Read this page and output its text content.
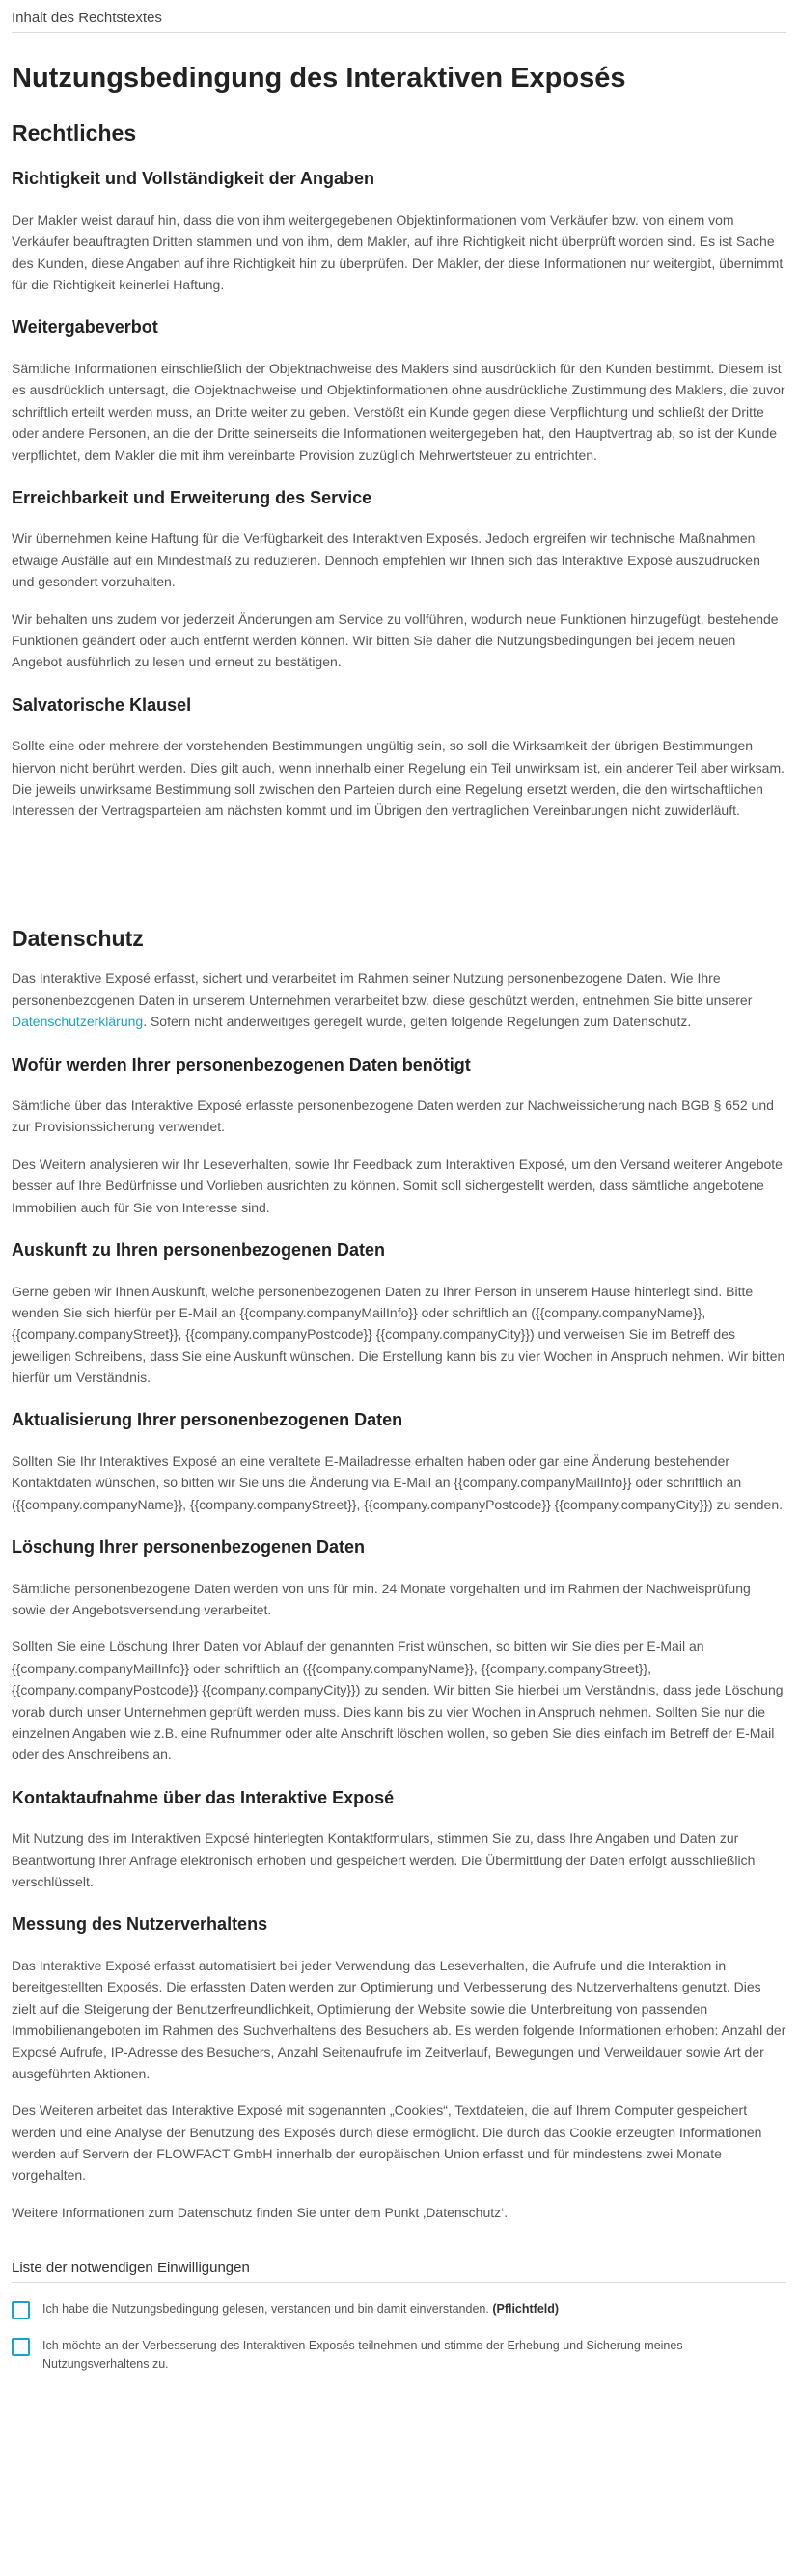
Inhalt des Rechtstextes
Nutzungsbedingung des Interaktiven Exposés
Rechtliches
Richtigkeit und Vollständigkeit der Angaben

Der Makler weist darauf hin, dass die von ihm weitergegebenen Objektinformationen vom Verkäufer bzw. von einem vom Verkäufer beauftragten Dritten stammen und von ihm, dem Makler, auf ihre Richtigkeit nicht überprüft worden sind. Es ist Sache des Kunden, diese Angaben auf ihre Richtigkeit hin zu überprüfen. Der Makler, der diese Informationen nur weitergibt, übernimmt für die Richtigkeit keinerlei Haftung.

Weitergabeverbot

Sämtliche Informationen einschließlich der Objektnachweise des Maklers sind ausdrücklich für den Kunden bestimmt. Diesem ist es ausdrücklich untersagt, die Objektnachweise und Objektinformationen ohne ausdrückliche Zustimmung des Maklers, die zuvor schriftlich erteilt werden muss, an Dritte weiter zu geben. Verstößt ein Kunde gegen diese Verpflichtung und schließt der Dritte oder andere Personen, an die der Dritte seinerseits die Informationen weitergegeben hat, den Hauptvertrag ab, so ist der Kunde verpflichtet, dem Makler die mit ihm vereinbarte Provision zuzüglich Mehrwertsteuer zu entrichten.

Erreichbarkeit und Erweiterung des Service

Wir übernehmen keine Haftung für die Verfügbarkeit des Interaktiven Exposés. Jedoch ergreifen wir technische Maßnahmen etwaige Ausfälle auf ein Mindestmaß zu reduzieren. Dennoch empfehlen wir Ihnen sich das Interaktive Exposé auszudrucken und gesondert vorzuhalten.

Wir behalten uns zudem vor jederzeit Änderungen am Service zu vollführen, wodurch neue Funktionen hinzugefügt, bestehende Funktionen geändert oder auch entfernt werden können. Wir bitten Sie daher die Nutzungsbedingungen bei jedem neuen Angebot ausführlich zu lesen und erneut zu bestätigen.

Salvatorische Klausel

Sollte eine oder mehrere der vorstehenden Bestimmungen ungültig sein, so soll die Wirksamkeit der übrigen Bestimmungen hiervon nicht berührt werden. Dies gilt auch, wenn innerhalb einer Regelung ein Teil unwirksam ist, ein anderer Teil aber wirksam. Die jeweils unwirksame Bestimmung soll zwischen den Parteien durch eine Regelung ersetzt werden, die den wirtschaftlichen Interessen der Vertragsparteien am nächsten kommt und im Übrigen den vertraglichen Vereinbarungen nicht zuwiderläuft.

Datenschutz

Das Interaktive Exposé erfasst, sichert und verarbeitet im Rahmen seiner Nutzung personenbezogene Daten. Wie Ihre personenbezogenen Daten in unserem Unternehmen verarbeitet bzw. diese geschützt werden, entnehmen Sie bitte unserer Datenschutzerklärung. Sofern nicht anderweitiges geregelt wurde, gelten folgende Regelungen zum Datenschutz.

Wofür werden Ihrer personenbezogenen Daten benötigt

Sämtliche über das Interaktive Exposé erfasste personenbezogene Daten werden zur Nachweissicherung nach BGB § 652 und zur Provisionssicherung verwendet.

Des Weitern analysieren wir Ihr Leseverhalten, sowie Ihr Feedback zum Interaktiven Exposé, um den Versand weiterer Angebote besser auf Ihre Bedürfnisse und Vorlieben ausrichten zu können. Somit soll sichergestellt werden, dass sämtliche angebotene Immobilien auch für Sie von Interesse sind.

Auskunft zu Ihren personenbezogenen Daten

Gerne geben wir Ihnen Auskunft, welche personenbezogenen Daten zu Ihrer Person in unserem Hause hinterlegt sind. Bitte wenden Sie sich hierfür per E-Mail an {{company.companyMailInfo}} oder schriftlich an ({{company.companyName}}, {{company.companyStreet}}, {{company.companyPostcode}} {{company.companyCity}}) und verweisen Sie im Betreff des jeweiligen Schreibens, dass Sie eine Auskunft wünschen. Die Erstellung kann bis zu vier Wochen in Anspruch nehmen. Wir bitten hierfür um Verständnis.

Aktualisierung Ihrer personenbezogenen Daten

Sollten Sie Ihr Interaktives Exposé an eine veraltete E-Mailadresse erhalten haben oder gar eine Änderung bestehender Kontaktdaten wünschen, so bitten wir Sie uns die Änderung via E-Mail an {{company.companyMailInfo}} oder schriftlich an ({{company.companyName}}, {{company.companyStreet}}, {{company.companyPostcode}} {{company.companyCity}}) zu senden.

Löschung Ihrer personenbezogenen Daten

Sämtliche personenbezogene Daten werden von uns für min. 24 Monate vorgehalten und im Rahmen der Nachweisprüfung sowie der Angebotsversendung verarbeitet.

Sollten Sie eine Löschung Ihrer Daten vor Ablauf der genannten Frist wünschen, so bitten wir Sie dies per E-Mail an {{company.companyMailInfo}} oder schriftlich an ({{company.companyName}}, {{company.companyStreet}}, {{company.companyPostcode}} {{company.companyCity}}) zu senden. Wir bitten Sie hierbei um Verständnis, dass jede Löschung vorab durch unser Unternehmen geprüft werden muss. Dies kann bis zu vier Wochen in Anspruch nehmen. Sollten Sie nur die einzelnen Angaben wie z.B. eine Rufnummer oder alte Anschrift löschen wollen, so geben Sie dies einfach im Betreff der E-Mail oder des Anschreibens an.

Kontaktaufnahme über das Interaktive Exposé

Mit Nutzung des im Interaktiven Exposé hinterlegten Kontaktformulars, stimmen Sie zu, dass Ihre Angaben und Daten zur Beantwortung Ihrer Anfrage elektronisch erhoben und gespeichert werden. Die Übermittlung der Daten erfolgt ausschließlich verschlüsselt.

Messung des Nutzerverhaltens

Das Interaktive Exposé erfasst automatisiert bei jeder Verwendung das Leseverhalten, die Aufrufe und die Interaktion in bereitgestellten Exposés. Die erfassten Daten werden zur Optimierung und Verbesserung des Nutzerverhaltens genutzt. Dies zielt auf die Steigerung der Benutzerfreundlichkeit, Optimierung der Website sowie die Unterbreitung von passenden Immobilienangeboten im Rahmen des Suchverhaltens des Besuchers ab. Es werden folgende Informationen erhoben: Anzahl der Exposé Aufrufe, IP-Adresse des Besuchers, Anzahl Seitenaufrufe im Zeitverlauf, Bewegungen und Verweildauer sowie Art der ausgeführten Aktionen.

Des Weiteren arbeitet das Interaktive Exposé mit sogenannten „Cookies“, Textdateien, die auf Ihrem Computer gespeichert werden und eine Analyse der Benutzung des Exposés durch diese ermöglicht. Die durch das Cookie erzeugten Informationen werden auf Servern der FLOWFACT GmbH innerhalb der europäischen Union erfasst und für mindestens zwei Monate vorgehalten.

Weitere Informationen zum Datenschutz finden Sie unter dem Punkt ‚Datenschutz‘.

Liste der notwendigen Einwilligungen
Ich habe die Nutzungsbedingung gelesen, verstanden und bin damit einverstanden. (Pflichtfeld)
Ich möchte an der Verbesserung des Interaktiven Exposés teilnehmen und stimme der Erhebung und Sicherung meines Nutzungsverhaltens zu.
